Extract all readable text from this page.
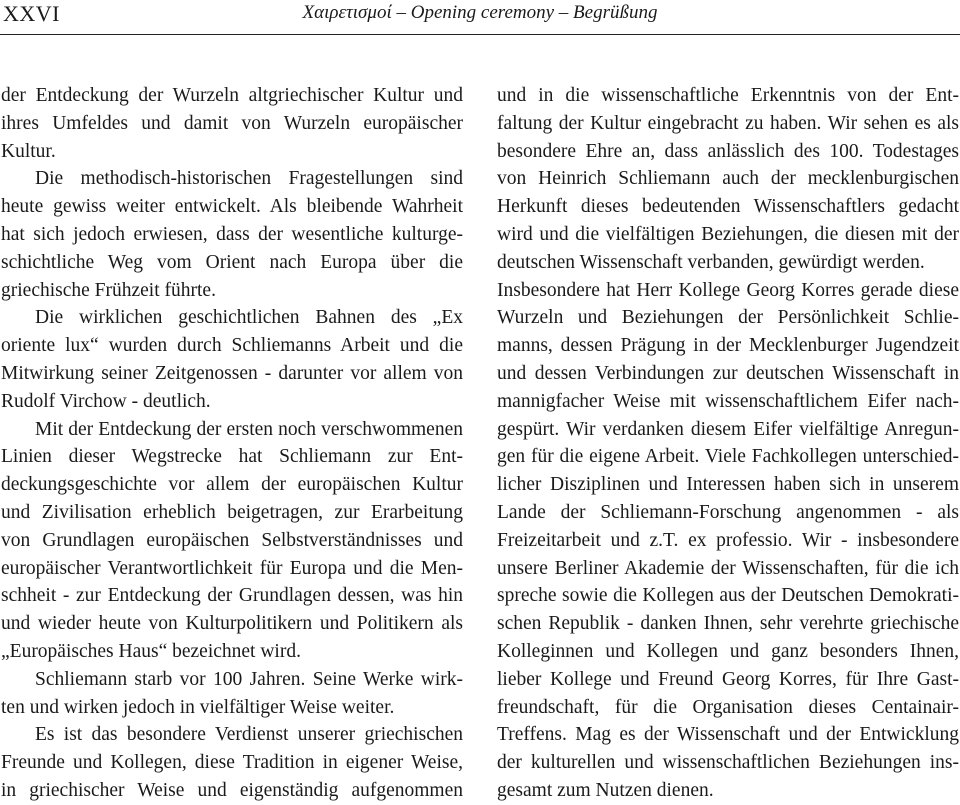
XXVI	Χαιρετισμοί – Opening ceremony – Begrüßung
der Entdeckung der Wurzeln altgriechischer Kultur und
ihres Umfeldes und damit von Wurzeln europäischer
Kultur.
Die methodisch-historischen Fragestellungen sind
heute gewiss weiter entwickelt. Als bleibende Wahrheit
hat sich jedoch erwiesen, dass der wesentliche kulturge-
schichtliche Weg vom Orient nach Europa über die
griechische Frühzeit führte.
Die wirklichen geschichtlichen Bahnen des „Ex
oriente lux“ wurden durch Schliemanns Arbeit und die
Mitwirkung seiner Zeitgenossen - darunter vor allem von
Rudolf Virchow - deutlich.
Mit der Entdeckung der ersten noch verschwommenen
Linien dieser Wegstrecke hat Schliemann zur Ent-
deckungsgeschichte vor allem der europäischen Kultur
und Zivilisation erheblich beigetragen, zur Erarbeitung
von Grundlagen europäischen Selbstverständnisses und
europäischer Verantwortlichkeit für Europa und die Men-
schheit - zur Entdeckung der Grundlagen dessen, was hin
und wieder heute von Kulturpolitikern und Politikern als
„Europäisches Haus“ bezeichnet wird.
Schliemann starb vor 100 Jahren. Seine Werke wirk-
ten und wirken jedoch in vielfältiger Weise weiter.
Es ist das besondere Verdienst unserer griechischen
Freunde und Kollegen, diese Tradition in eigener Weise,
in griechischer Weise und eigenständig aufgenommen
und in die wissenschaftliche Erkenntnis von der Ent-
faltung der Kultur eingebracht zu haben. Wir sehen es als
besondere Ehre an, dass anlässlich des 100. Todestages
von Heinrich Schliemann auch der mecklenburgischen
Herkunft dieses bedeutenden Wissenschaftlers gedacht
wird und die vielfältigen Beziehungen, die diesen mit der
deutschen Wissenschaft verbanden, gewürdigt werden.
Insbesondere hat Herr Kollege Georg Korres gerade diese
Wurzeln und Beziehungen der Persönlichkeit Schlie-
manns, dessen Prägung in der Mecklenburger Jugendzeit
und dessen Verbindungen zur deutschen Wissenschaft in
mannigfacher Weise mit wissenschaftlichem Eifer nach-
gespürt. Wir verdanken diesem Eifer vielfältige Anregun-
gen für die eigene Arbeit. Viele Fachkollegen unterschied-
licher Disziplinen und Interessen haben sich in unserem
Lande der Schliemann-Forschung angenommen - als
Freizeitarbeit und z.T. ex professio. Wir - insbesondere
unsere Berliner Akademie der Wissenschaften, für die ich
spreche sowie die Kollegen aus der Deutschen Demokrati-
schen Republik - danken Ihnen, sehr verehrte griechische
Kolleginnen und Kollegen und ganz besonders Ihnen,
lieber Kollege und Freund Georg Korres, für Ihre Gast-
freundschaft, für die Organisation dieses Centainair-
Treffens. Mag es der Wissenschaft und der Entwicklung
der kulturellen und wissenschaftlichen Beziehungen ins-
gesamt zum Nutzen dienen.
